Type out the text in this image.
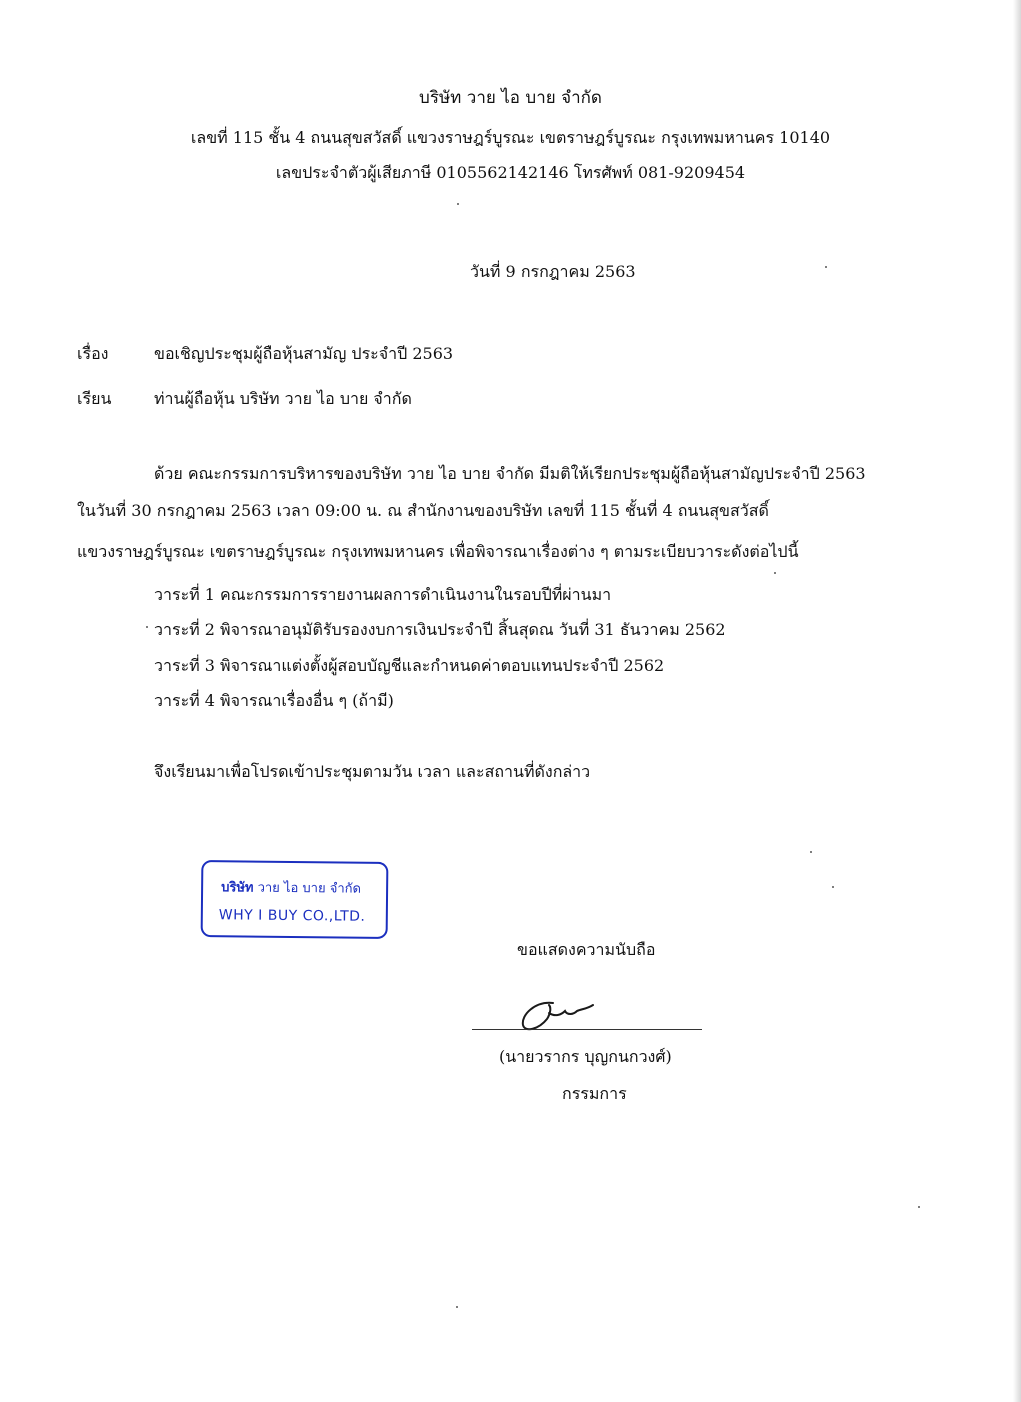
บริษัท วาย ไอ บาย จำกัด
เลขที่ 115 ชั้น 4 ถนนสุขสวัสดิ์ แขวงราษฎร์บูรณะ เขตราษฎร์บูรณะ กรุงเทพมหานคร 10140
เลขประจำตัวผู้เสียภาษี 0105562142146 โทรศัพท์ 081-9209454
วันที่ 9 กรกฎาคม 2563
เรื่อง	ขอเชิญประชุมผู้ถือหุ้นสามัญ ประจำปี 2563
เรียน	ท่านผู้ถือหุ้น บริษัท วาย ไอ บาย จำกัด
ด้วย คณะกรรมการบริหารของบริษัท วาย ไอ บาย จำกัด มีมติให้เรียกประชุมผู้ถือหุ้นสามัญประจำปี 2563
ในวันที่ 30 กรกฎาคม 2563 เวลา 09:00 น. ณ สำนักงานของบริษัท เลขที่ 115 ชั้นที่ 4 ถนนสุขสวัสดิ์
แขวงราษฎร์บูรณะ เขตราษฎร์บูรณะ กรุงเทพมหานคร เพื่อพิจารณาเรื่องต่าง ๆ ตามระเบียบวาระดังต่อไปนี้
วาระที่ 1 คณะกรรมการรายงานผลการดำเนินงานในรอบปีที่ผ่านมา
วาระที่ 2 พิจารณาอนุมัติรับรองงบการเงินประจำปี สิ้นสุดณ วันที่ 31 ธันวาคม 2562
วาระที่ 3 พิจารณาแต่งตั้งผู้สอบบัญชีและกำหนดค่าตอบแทนประจำปี 2562
วาระที่ 4 พิจารณาเรื่องอื่น ๆ (ถ้ามี)
จึงเรียนมาเพื่อโปรดเข้าประชุมตามวัน เวลา และสถานที่ดังกล่าว
บริษัท วาย ไอ บาย จำกัด
WHY I BUY CO.,LTD.
ขอแสดงความนับถือ
(นายวรากร บุญกนกวงศ์)
กรรมการ
